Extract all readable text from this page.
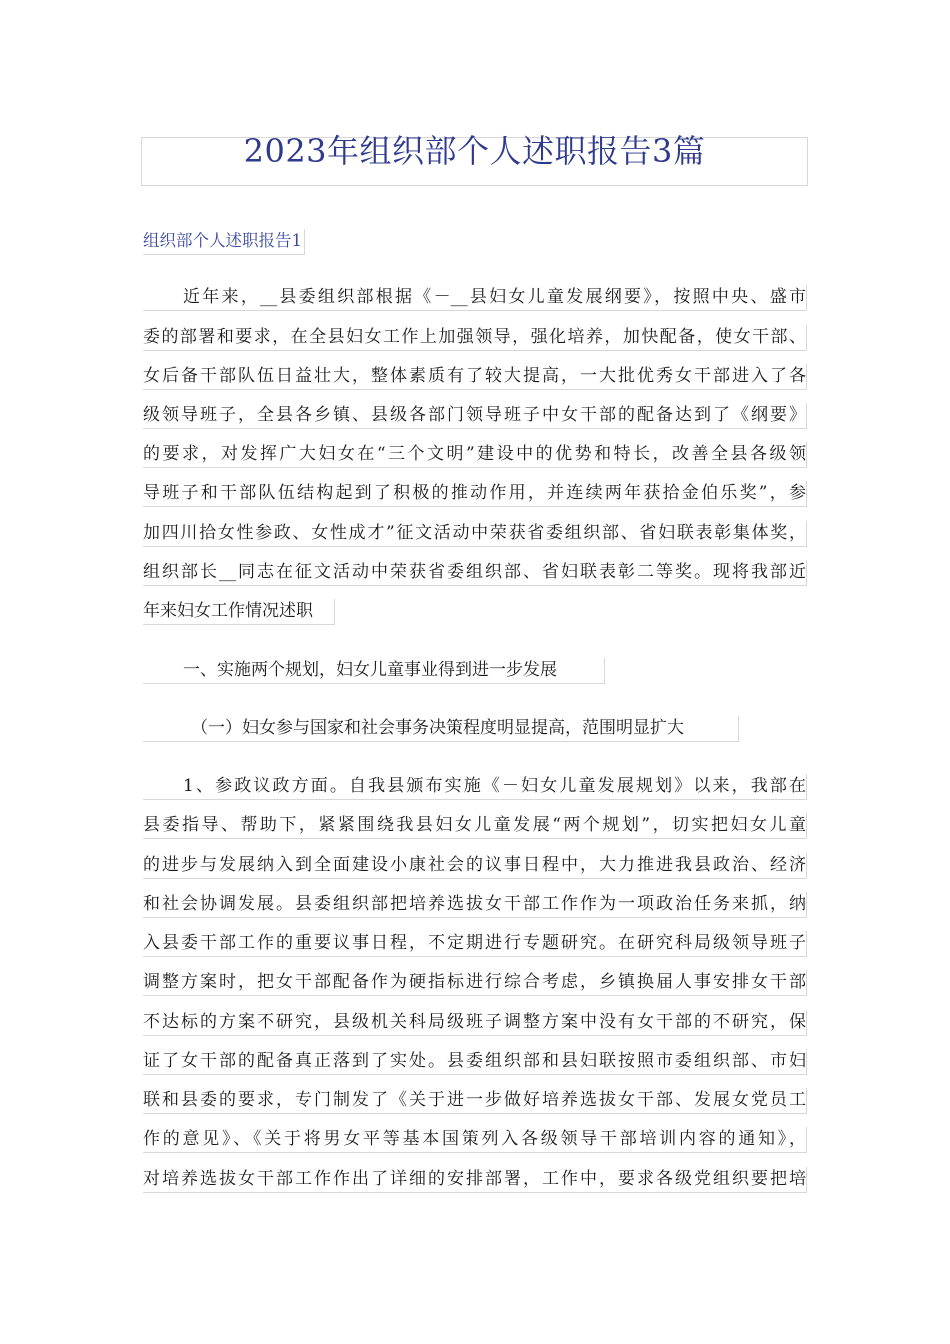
2023年组织部个人述职报告3篇
组织部个人述职报告1
近年来，__县委组织部根据《－__县妇女儿童发展纲要》，按照中央、盛市
委的部署和要求，在全县妇女工作上加强领导，强化培养，加快配备，使女干部、
女后备干部队伍日益壮大，整体素质有了较大提高，一大批优秀女干部进入了各
级领导班子，全县各乡镇、县级各部门领导班子中女干部的配备达到了《纲要》
的要求，对发挥广大妇女在“三个文明”建设中的优势和特长，改善全县各级领
导班子和干部队伍结构起到了积极的推动作用，并连续两年获拾金伯乐奖”，参
加四川拾女性参政、女性成才”征文活动中荣获省委组织部、省妇联表彰集体奖，
组织部长__同志在征文活动中荣获省委组织部、省妇联表彰二等奖。现将我部近
年来妇女工作情况述职
一、实施两个规划，妇女儿童事业得到进一步发展
（一）妇女参与国家和社会事务决策程度明显提高，范围明显扩大
1、参政议政方面。自我县颁布实施《－妇女儿童发展规划》以来，我部在
县委指导、帮助下，紧紧围绕我县妇女儿童发展“两个规划”，切实把妇女儿童
的进步与发展纳入到全面建设小康社会的议事日程中，大力推进我县政治、经济
和社会协调发展。县委组织部把培养选拔女干部工作作为一项政治任务来抓，纳
入县委干部工作的重要议事日程，不定期进行专题研究。在研究科局级领导班子
调整方案时，把女干部配备作为硬指标进行综合考虑，乡镇换届人事安排女干部
不达标的方案不研究，县级机关科局级班子调整方案中没有女干部的不研究，保
证了女干部的配备真正落到了实处。县委组织部和县妇联按照市委组织部、市妇
联和县委的要求，专门制发了《关于进一步做好培养选拔女干部、发展女党员工
作的意见》、《关于将男女平等基本国策列入各级领导干部培训内容的通知》，
对培养选拔女干部工作作出了详细的安排部署，工作中，要求各级党组织要把培
